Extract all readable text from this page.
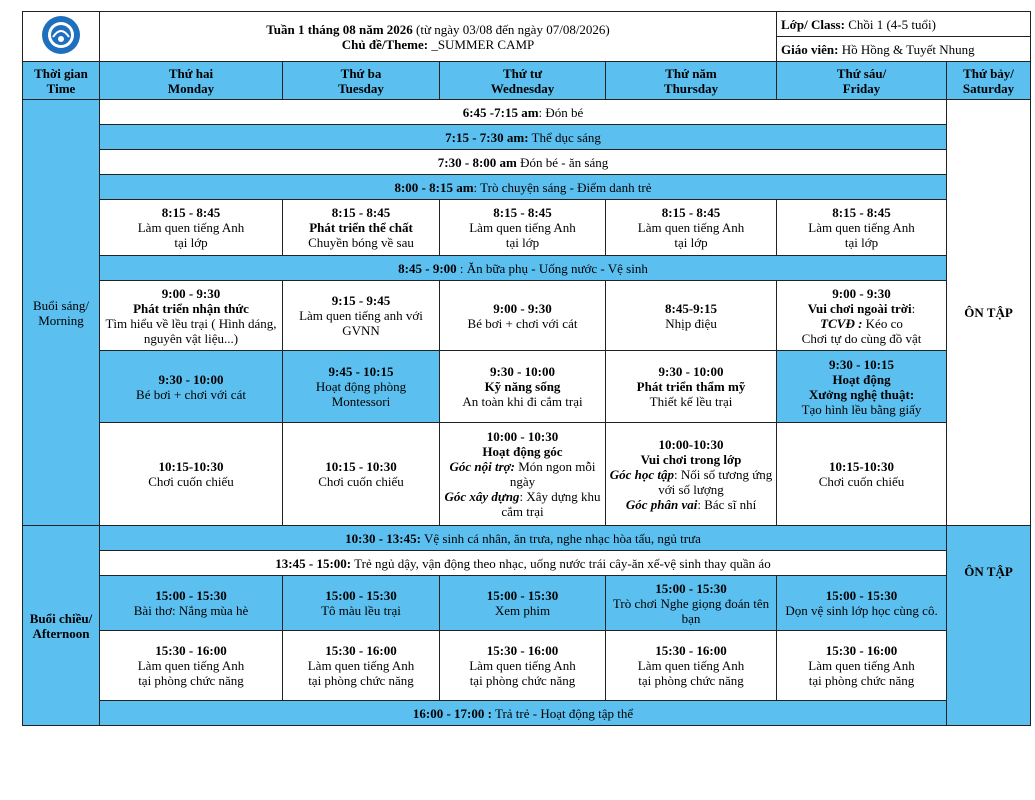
	Tuần 1 tháng 08 năm 2026 (từ ngày 03/08 đến ngày 07/08/2026)
Chủ đề/Theme: _SUMMER CAMP				Lớp/ Class: Chồi 1 (4-5 tuổi)	
					Giáo viên: Hồ Hồng & Tuyết Nhung	
Thời gian
Time	Thứ hai
Monday	Thứ ba
Tuesday	Thứ tư
Wednesday	Thứ năm
Thursday	Thứ sáu/
Friday	Thứ bảy/
Saturday
Buổi sáng/ Morning	6:45 -7:15 am: Đón bé					ÔN TẬP
	7:15 - 7:30 am: Thể dục sáng					
	7:30 - 8:00 am Đón bé - ăn sáng					
	8:00 - 8:15 am: Trò chuyện sáng - Điểm danh trẻ					
	8:15 - 8:45
Làm quen tiếng Anh
tại lớp	8:15 - 8:45
Phát triển thể chất
Chuyền bóng về sau	8:15 - 8:45
Làm quen tiếng Anh
tại lớp	8:15 - 8:45
Làm quen tiếng Anh
tại lớp	8:15 - 8:45
Làm quen tiếng Anh
tại lớp	
	8:45 - 9:00 : Ăn bữa phụ - Uống nước - Vệ sinh					
	9:00 - 9:30
Phát triển nhận thức
Tìm hiểu về lều trại ( Hình dáng, nguyên vật liệu...)	9:15 - 9:45
Làm quen tiếng anh với GVNN	9:00 - 9:30
Bé bơi + chơi với cát	8:45-9:15
Nhịp điệu	9:00 - 9:30
Vui chơi ngoài trời:
TCVĐ : Kéo co
Chơi tự do cùng đồ vật	
	9:30 - 10:00
Bé bơi + chơi với cát	9:45 - 10:15
Hoạt động phòng Montessori	9:30 - 10:00
Kỹ năng sống
An toàn khi đi cắm trại	9:30 - 10:00
Phát triển thẩm mỹ
Thiết kế lều trại	9:30 - 10:15
Hoạt động
Xưởng nghệ thuật:
Tạo hình lều bằng giấy	
	10:15-10:30
Chơi cuốn chiếu	10:15 - 10:30
Chơi cuốn chiếu	10:00 - 10:30
Hoạt động góc
Góc nội trợ: Món ngon mỗi ngày
Góc xây dựng: Xây dựng khu cắm trại	10:00-10:30
Vui chơi trong lớp
Góc học tập: Nối số tương ứng với số lượng
Góc phân vai: Bác sĩ nhí	10:15-10:30
Chơi cuốn chiếu	
Buổi chiều/
Afternoon	10:30 - 13:45: Vệ sinh cá nhân, ăn trưa, nghe nhạc hòa tấu, ngủ trưa					ÔN TẬP
	13:45 - 15:00: Trẻ ngủ dậy, vận động theo nhạc, uống nước trái cây-ăn xế-vệ sinh thay quần áo					
	15:00 - 15:30
Bài thơ: Nắng mùa hè	15:00 - 15:30
Tô màu lều trại	15:00 - 15:30
Xem phim	15:00 - 15:30
Trò chơi Nghe giọng đoán tên bạn	15:00 - 15:30
Dọn vệ sinh lớp học cùng cô.	
	15:30 - 16:00
Làm quen tiếng Anh
tại phòng chức năng	15:30 - 16:00
Làm quen tiếng Anh
tại phòng chức năng	15:30 - 16:00
Làm quen tiếng Anh
tại phòng chức năng	15:30 - 16:00
Làm quen tiếng Anh
tại phòng chức năng	15:30 - 16:00
Làm quen tiếng Anh
tại phòng chức năng	
	16:00 - 17:00 : Trả trẻ - Hoạt động tập thể					
